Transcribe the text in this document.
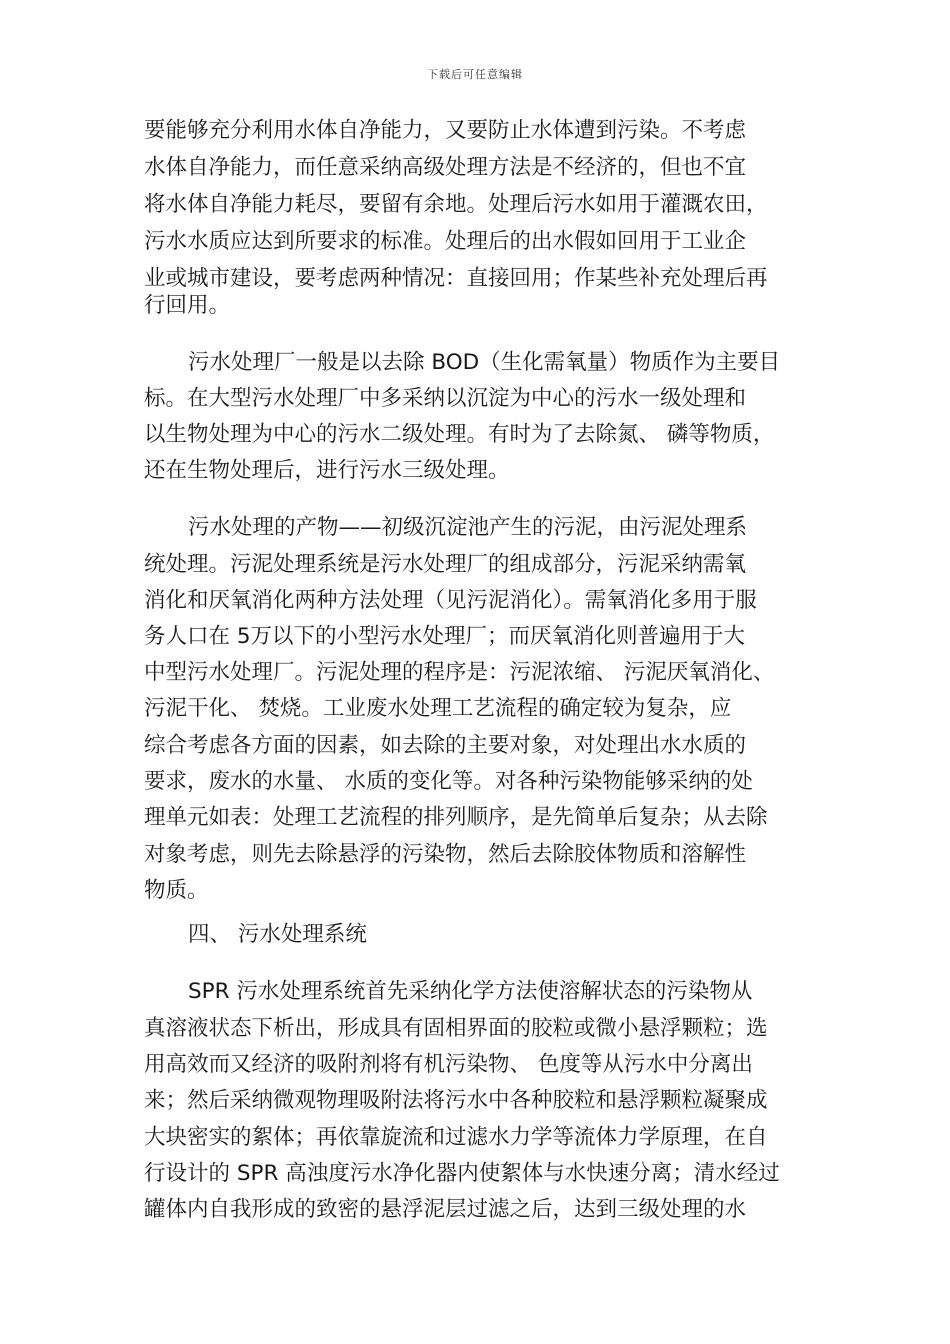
下载后可任意编辑
要能够充分利用水体自净能力，又要防止水体遭到污染。不考虑
水体自净能力，而任意采纳高级处理方法是不经济的，但也不宜
将水体自净能力耗尽，要留有余地。处理后污水如用于灌溉农田，
污水水质应达到所要求的标准。处理后的出水假如回用于工业企
业或城市建设，要考虑两种情况：直接回用；作某些补充处理后再
行回用。
污水处理厂一般是以去除 BOD（生化需氧量）物质作为主要目
标。在大型污水处理厂中多采纳以沉淀为中心的污水一级处理和
以生物处理为中心的污水二级处理。有时为了去除氮、 磷等物质，
还在生物处理后，进行污水三级处理。
污水处理的产物——初级沉淀池产生的污泥，由污泥处理系
统处理。污泥处理系统是污水处理厂的组成部分，污泥采纳需氧
消化和厌氧消化两种方法处理（见污泥消化）。需氧消化多用于服
务人口在 5万以下的小型污水处理厂；而厌氧消化则普遍用于大
中型污水处理厂。污泥处理的程序是：污泥浓缩、 污泥厌氧消化、
污泥干化、 焚烧。工业废水处理工艺流程的确定较为复杂，应
综合考虑各方面的因素，如去除的主要对象，对处理出水水质的
要求，废水的水量、 水质的变化等。对各种污染物能够采纳的处
理单元如表：处理工艺流程的排列顺序，是先简单后复杂；从去除
对象考虑，则先去除悬浮的污染物，然后去除胶体物质和溶解性
物质。
四、 污水处理系统
SPR 污水处理系统首先采纳化学方法使溶解状态的污染物从
真溶液状态下析出，形成具有固相界面的胶粒或微小悬浮颗粒；选
用高效而又经济的吸附剂将有机污染物、 色度等从污水中分离出
来；然后采纳微观物理吸附法将污水中各种胶粒和悬浮颗粒凝聚成
大块密实的絮体；再依靠旋流和过滤水力学等流体力学原理，在自
行设计的 SPR 高浊度污水净化器内使絮体与水快速分离；清水经过
罐体内自我形成的致密的悬浮泥层过滤之后，达到三级处理的水
